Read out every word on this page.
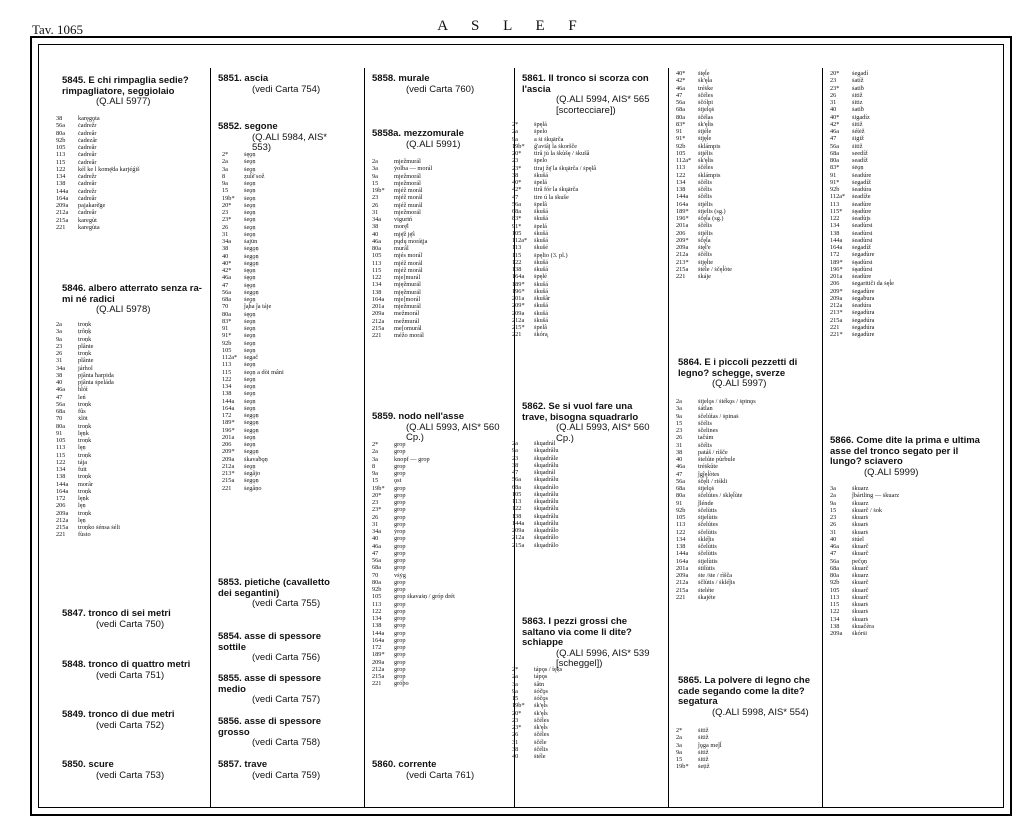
Tav. 1065	A S L E F
5845. E chi rimpaglia sedie? rimpagliatore, seggiolaio
(Q.ALI 5977)
5846. albero atterrato senza rami né radici
(Q.ALI 5978)
5847. tronco di sei metri
(vedi Carta 750)
5848. tronco di quattro metri
(vedi Carta 751)
5849. tronco di due metri
(vedi Carta 752)
5850. scure
(vedi Carta 753)
38	karęgǫta
56a	ċadreẑr
80a	ċadreâr
92b	ċadezâr
105	ċadreâr
113	ċadreâr
115	ċadreâr
122	kél ke l komę̄da karjéǵiš
134	ċadreẑr
138	ċadreâr
144a	ċadreẑr
164a	ċadreâr
209a	pajakarè̄ge
212a	ċadreâr
215a	karegùt
221	karegùta
2a	troṇk
3a	ṭrôṇḳ
9a	troṇk
23	plânte
26	troṇk
31	plânte
34a	járhol
38	pjânta ħarpida
40	pjânta ṡpeláda
46a	hlóṫ
47	leń
56a	troṇk
68a	fûs
70	ẋlöt
80a	troṇk
91	lęṇk
105	troṇk
113	lęṇ
115	troṇk
122	tája
134	fuit
138	troṇk
144a	morâr
164a	troṇk
172	lęṇk
206	lęṇ
209a	troṇk
212a	lęṇ
215a	troṇko ṡénsa ṡéli
221	fùsto
5851. ascia
(vedi Carta 754)
5852. segone
(Q.ALI 5984, AIS* 553)
5853. pietiche (cavalletto dei segantini)
(vedi Carta 755)
5854. asse di spessore sottile
(vedi Carta 756)
5855. asse di spessore medio
(vedi Carta 757)
5856. asse di spessore grosso
(vedi Carta 758)
5857. trave
(vedi Carta 759)
2*	ṡęǫṇ
2a	ṡeǫṇ
3a	ṡeǫṇ
8	ẓuĺè̄ soẑ
9a	ṡeǫṇ
15	ṡeǫṇ
19b*	ṡeǫṇ
20*	ṡeǫṇ
23	ṡeǫṇ
23*	ṡeǫṇ
26	ṡeǫṇ
31	ṡeǫṇ
34a	ṡajūn
38	ṡegǫṇ
40	ṡegǫṇ
40*	ṡegǫṇ
42*	ṡęǫṇ
46a	ṡęǫṇ
47	ṡęǫṇ
56a	ṡegǫṇ
68a	ṡeǫṇ
70	ĵa̧h̄a ĵa táje
80a	ṡęǫṇ
83*	ṡeǫṇ
91	ṡeǫṇ
91*	ṡeǫṇ
92b	ṡeǫṇ
105	ṡeǫṇ
112a*	ṡegač
113	ṡeǫṇ
115	ṡeǫṇ a dòi mâni
122	ṡeǫṇ
134	ṡeǫṇ
138	ṡeǫṇ
144a	ṡeǫṇ
164a	ṡeǫṇ
172	ṡegǫṇ
189*	ṡegǫṇ
196*	ṡegǫṇ
201a	ṡeǫṇ
206	ṡeǫṇ
209*	ṡegǫṇ
209a	ṡkavaḃǫṇ
212a	ṡeǫṇ
213*	ṡegâjo
215a	ṡegǫṇ
221	ṡegâṇo
5858. murale
(vedi Carta 760)
5858a. mezzomurale
(Q.ALI 5991)
5859. nodo nell'asse
(Q.ALI 5993, AIS* 560 Cp.)
5860. corrente
(vedi Carta 761)
2a	mjeẑmurál
3a	ẏolba — morál
9a	mjeẑmorál
15	mjeẑmorál
19b*	mjéẑ morál
23	mjéẑ morál
26	mjéẑ murál
31	mjeẑmorál
34a	viguriń
38	morę̄l
40	mję̄ẑ ję̄ŝ
46a	pųdų moráṭja
80a	murâl
105	mjés morál
113	mjéẑ morál
115	mjéẑ morál
122	mje[murál
134	mjęẑmurál
138	mjęẑmurál
164a	mje[morál
201a	mjeẑmurál
209a	meẑmorál
212a	meẑmurál
215a	me[omurál
221	méẑo morál
2*	grop
2a	grop
3a	knopf — grop
8	grop
9a	grop
15	ǫst
19b*	grop
20*	grop
23	grop
23*	grop
26	grop
31	grop
34a	ẏrop
40	grop
46a	grop
47	grop
56a	grop
68a	grop
70	vṡẏg
80a	grop
92b	grop
105	grop ṡkavaṡṇ / gróp drét
113	grop
122	grop
134	grop
138	grop
144a	grop
164a	grop
172	grop
189*	grop
209a	grop
212a	grop
215a	grop
221	gróþo
5861. Il tronco si scorza con l'ascia
(Q.ALI 5994, AIS* 565 [scortecciare])
5862. Se si vuol fare una trave, bisogna squadrarlo
(Q.ALI 5993, AIS* 560 Cp.)
5863. I pezzi grossi che saltano via come li dite? schiappe
(Q.ALI 5996, AIS* 539 [scheggel])
2*	ṡpęlá
2a	ṡpelo
9a	a ṡi ṡkųārča
19b*	ǵ'aviâj la ṡkoršče
20*	tirâ jù la ṡkùšę / ṡkušâ
23	ṡpelo
23*	tiraj ẑę̄ la ṡkųārča / ṡpęlâ
38	ṡkušá
40*	ṡpelá
42*	tirâ fór la ṡkųārča
47	tire ú la ṡkuše
56a	ṡpelâ
68a	ṡkušá
83*	ṡkušá
91*	ṡpelá
105	ṡkušá
112a*	ṡkušá
113	ṡkušé
115	ṡpęlio (3. pl.)
122	ṡkušá
138	ṡkušá
164a	ṡpęlé
189*	ṡkušá
196*	ṡkušá
201a	ṡkušâr
209*	ṡkušá
209a	ṡkušá
212a	ṡkušá
215*	ṡpelâ
221	ṡkóra̧
2a	ṡkųadrál
9a	ṡkųadrâlu
23	ṡkųadrâle
38	ṡkųadrâlu
47	ṡkųadrál
56a	ṡkųadrâlu
68a	ṡkųadrálo
105	ṡkųadrâlu
113	ṡkųadrâlu
122	ṡkųadrâlu
138	ṡkųadrâlu
144a	ṡkųadrâlu
209a	ṡkųadrâlo
212a	ṡkųadrâlo
215a	ṡkųadrâlo
2*	tápǫs / ṫęķs
2a	tápǫs
3a	ṡâtn
9a	ṡóč̈ǫs
15	ṡóčǫs
19b*	ṡk'ęĺs
20*	ṡk'ęĺs
23	ṡčéles
23*	ṡk'ęĺs
26	ṡčéles
31	ṡčéle
38	ṡčélis
40	ṡtéle
5864. E i piccoli pezzetti di legno? schegge, sverze
(Q.ALI 5997)
5865. La polvere di legno che cade segando come la dite? segatura
(Q.ALI 5998, AIS* 554)
40*	ṡtęĺe
42*	ṡk'ęĺa
46a	tréṡke
47	ṡčéles
56a	ṡčólpi
68a	ṡtjelǫṡ
80a	ṡčélas
83*	ṡk'ęĺis
91	ṡtjéle
91*	ṡtjęĺe
92b	ṡklámpis
105	ṡtjélis
112a*	ṡk'ęĺis
113	ṡčéles
122	ṡklámpis
134	ṡčélis
138	ṡčélis
144a	ṡčélis
164a	ṡtjélis
189*	ṡtjelis (sg.)
196*	ṡčęĺa (sg.)
201a	ṡčélis
206	ṡtjélis
209*	ṡčęĺa
209a	ṡtęĺ'e
212a	ṡčélis
213*	ṡtjęĺte
215a	ṡtéle / ṡčęĺòte
221	ṡkáje
2a	ṡtjelǫs / ṡtékǫs / ṡpinǫs
3a	ṡátlan
9a	ṡčelúṫas / ṡpinaṡ
15	ṡčélis
23	ṡčelines
26	taĉúm
31	ṡčélis
38	patáš / rìšče
40	ṡtelúte pùrbule
46a	tréṡkůte
47	ĵgĵęĺòtes
56a	ṡčęĺi / riśkli
68a	ṡtjelǫṡ
80a	ṡčelútes / ṡklęĺùte
91	ĵlénde
92b	ṡčelùtis
105	ṡtjelùtis
113	ṡčelútes
122	ṡčelùtis
134	ṡkléĵis
138	ṡčelùtis
144a	ṡčelùtis
164a	ṡtjelùtis
201a	ṡtilùtis
209a	ṡte /ṡte / rìšča
212a	ṡčlùtis / ṡkléĵis
215a	ṡteléte
221	ṡkajéte
2*	ṡitiž
2a	ṡitiž
3a	ĵǫga meĵĺ
9a	ṡitiž
15	ṡitiž
19b*	ṡeṭiž
5866. Come dite la prima e ultima asse del tronco segato per il lungo? sciavero
(Q.ALI 5999)
20*	ṡegadí
23	ṡatíž
23*	ṡatiḃ
26	ṡitiž
31	ṡitiz
40	ṡatiḃ
40*	ṡigadíz
42*	ṡitiž
46a	ṡéṫėž
47	ṡigiž
56a	ṡitiž
68a	seedíž
80a	seadíž
83*	ṡėǫṇ
91	ṡeadúre
91*	ṡegadíž
92b	ṡeadúra
112a*	ṡeadíže
113	ṡeadùre
115*	ṡęadùre
122	ṡeadùjs
134	ṡeadùrsi
138	ṡeadùrsi
144a	ṡeadùrsi
164a	ṡegadíž
172	ṡegadùre
189*	ṡęadùrsi
196*	ṡęadùrsi
201a	ṡeadùre
206	ṡegaritiči da ṡęĺe
209*	ṡegadùre
209a	ṡegaḃura
212a	ṡeadúra
213*	ṡegadùra
215a	ṡegadúra
221	ṡegadúra
221*	ṡegadùre
3a	ṡkuarz
2a	ĵbártling — ṡkuarz
9a	ṡkuarz
15	ṡkuarč / ṡok
23	ṡkuarṡ
26	ṡkuarṡ
31	ṡkuarṡ
40	ṡtúel
46a	ṡkuarč
47	ṡkuarč
56a	pečǫṇ
68a	ṡkuarč
80a	ṡkuarz
92b	ṡkuarč
105	ṡkuarč
113	ṡkuarč
115	ṡkuarṡ
122	ṡkuarṡ
134	ṡkuarṡ
138	ṡkuaĉèra
209a	ṡkórṡi
